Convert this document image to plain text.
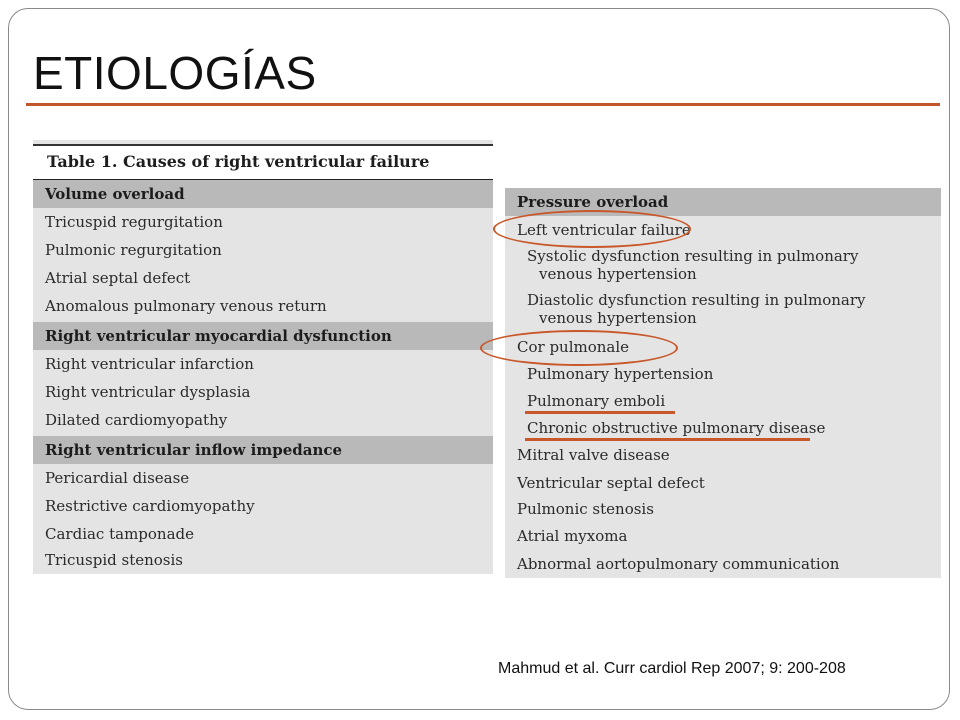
ETIOLOGÍAS
Table 1. Causes of right ventricular failure
Volume overload
Tricuspid regurgitation
Pulmonic regurgitation
Atrial septal defect
Anomalous pulmonary venous return
Right ventricular myocardial dysfunction
Right ventricular infarction
Right ventricular dysplasia
Dilated cardiomyopathy
Right ventricular inflow impedance
Pericardial disease
Restrictive cardiomyopathy
Cardiac tamponade
Tricuspid stenosis
Pressure overload
Left ventricular failure
Systolic dysfunction resulting in pulmonary
venous hypertension
Diastolic dysfunction resulting in pulmonary
venous hypertension
Cor pulmonale
Pulmonary hypertension
Pulmonary emboli
Chronic obstructive pulmonary disease
Mitral valve disease
Ventricular septal defect
Pulmonic stenosis
Atrial myxoma
Abnormal aortopulmonary communication
Mahmud et al. Curr cardiol Rep 2007; 9: 200-208
